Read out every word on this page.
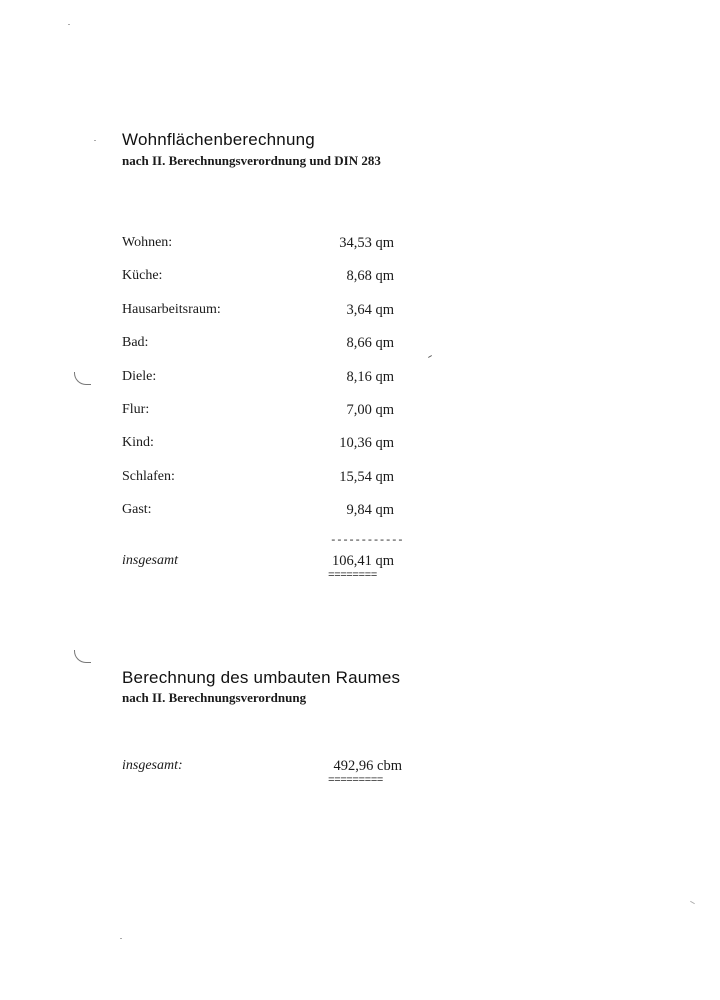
Wohnflächenberechnung
nach II. Berechnungsverordnung und DIN 283
Wohnen:	34,53 qm
Küche:	8,68 qm
Hausarbeitsraum:	3,64 qm
Bad:	8,66 qm
Diele:	8,16 qm
Flur:	7,00 qm
Kind:	10,36 qm
Schlafen:	15,54 qm
Gast:	9,84 qm
------------
insgesamt	106,41 qm
========
Berechnung des umbauten Raumes
nach II. Berechnungsverordnung
insgesamt:	492,96 cbm
=========
